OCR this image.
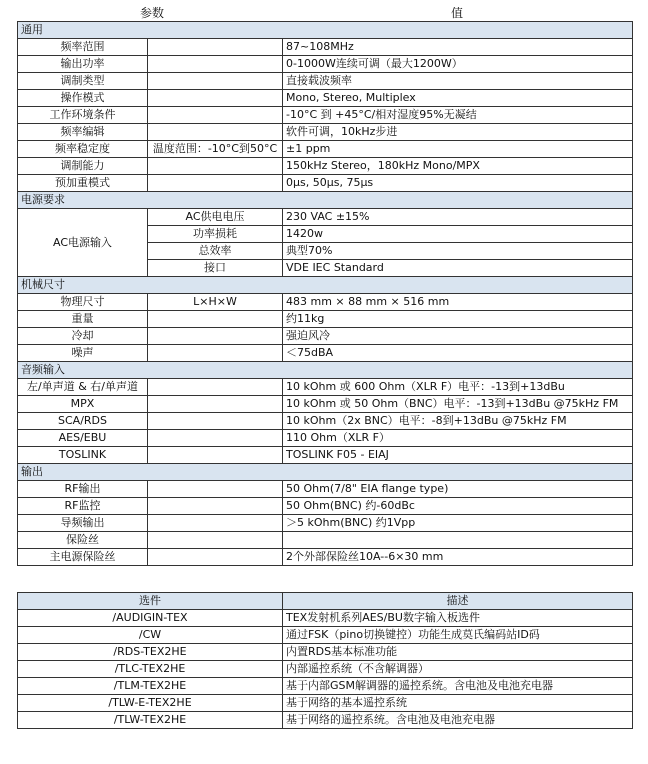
参数	值
通用		
频率范围		87~108MHz
输出功率		0-1000W连续可调（最大1200W）
调制类型		直接载波频率
操作模式		Mono, Stereo, Multiplex
工作环境条件		-10°C 到 +45°C/相对湿度95%无凝结
频率编辑		软件可调，10kHz步进
频率稳定度	温度范围：-10°C到50°C	±1 ppm
调制能力		150kHz Stereo，180kHz Mono/MPX
预加重模式		0μs, 50μs, 75μs
电源要求		
AC电源输入	AC供电电压	230 VAC ±15%
	功率损耗	1420w
	总效率	典型70%
	接口	VDE IEC Standard
机械尺寸		
物理尺寸	L×H×W	483 mm × 88 mm × 516 mm
重量		约11kg
冷却		强迫风冷
噪声		＜75dBA
音频输入		
左/单声道 & 右/单声道		10 kOhm 或 600 Ohm（XLR F）电平：-13到+13dBu
MPX		10 kOhm 或 50 Ohm（BNC）电平：-13到+13dBu @75kHz FM
SCA/RDS		10 kOhm（2x BNC）电平：-8到+13dBu @75kHz FM
AES/EBU		110 Ohm（XLR F）
TOSLINK		TOSLINK F05 - EIAJ
输出		
RF输出		50 Ohm(7/8" EIA flange type)
RF监控		50 Ohm(BNC) 约-60dBc
导频输出		＞5 kOhm(BNC) 约1Vpp
保险丝		
主电源保险丝		2个外部保险丝10A--6×30 mm
选件	描述
/AUDIGIN-TEX	TEX发射机系列AES/BU数字输入板选件
/CW	通过FSK（pino切换键控）功能生成莫氏编码站ID码
/RDS-TEX2HE	内置RDS基本标准功能
/TLC-TEX2HE	内部遥控系统（不含解调器）
/TLM-TEX2HE	基于内部GSM解调器的遥控系统。含电池及电池充电器
/TLW-E-TEX2HE	基于网络的基本遥控系统
/TLW-TEX2HE	基于网络的遥控系统。含电池及电池充电器
